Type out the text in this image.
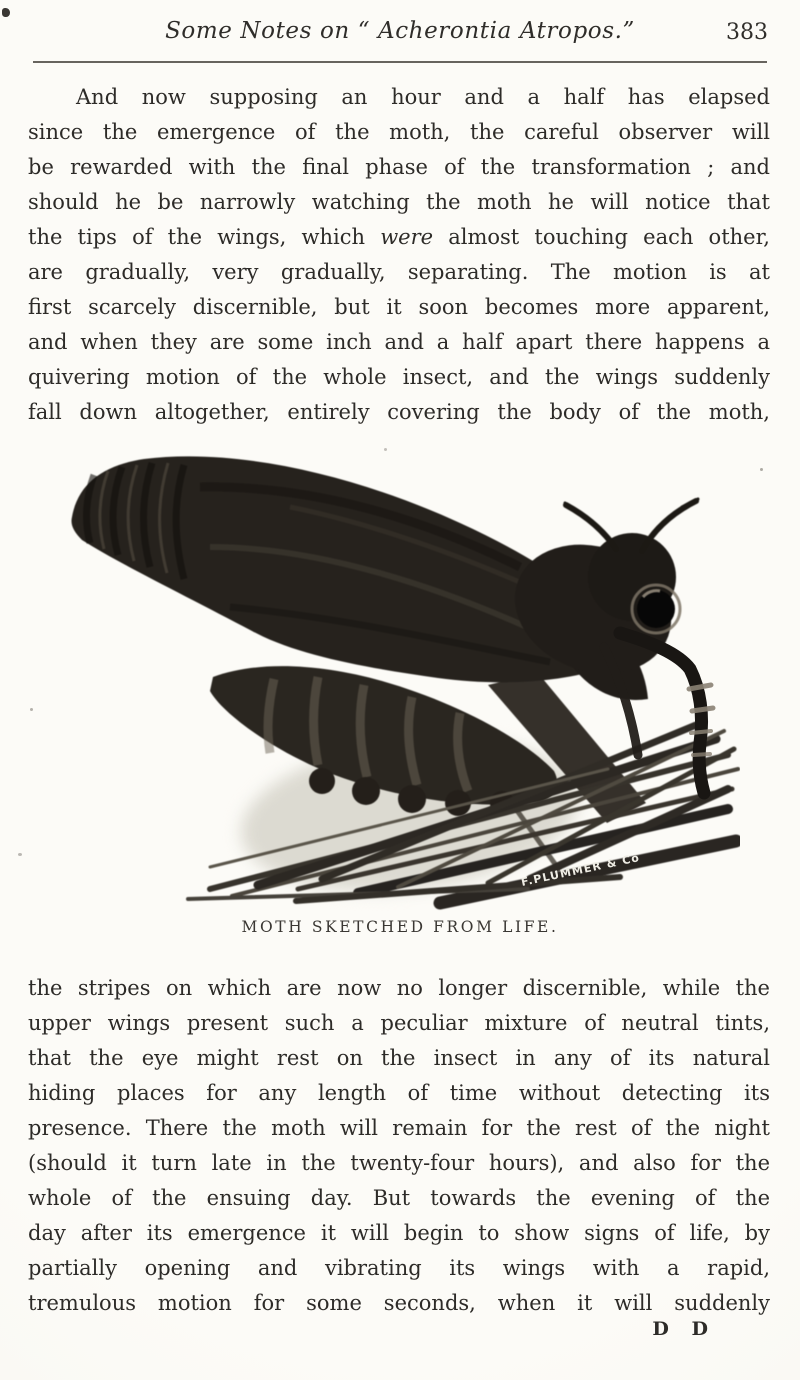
Some Notes on “ Acherontia Atropos.”	383
And now supposing an hour and a half has elapsed
since the emergence of the moth, the careful observer will
be rewarded with the final phase of the transformation ; and
should he be narrowly watching the moth he will notice that
the tips of the wings, which were almost touching each other,
are gradually, very gradually, separating. The motion is at
first scarcely discernible, but it soon becomes more apparent,
and when they are some inch and a half apart there happens a
quivering motion of the whole insect, and the wings suddenly
fall down altogether, entirely covering the body of the moth,
F.PLUMMER & Co
MOTH SKETCHED FROM LIFE.
the stripes on which are now no longer discernible, while the
upper wings present such a peculiar mixture of neutral tints,
that the eye might rest on the insect in any of its natural
hiding places for any length of time without detecting its
presence. There the moth will remain for the rest of the night
(should it turn late in the twenty-four hours), and also for the
whole of the ensuing day. But towards the evening of the
day after its emergence it will begin to show signs of life, by
partially opening and vibrating its wings with a rapid,
tremulous motion for some seconds, when it will suddenly
D D
